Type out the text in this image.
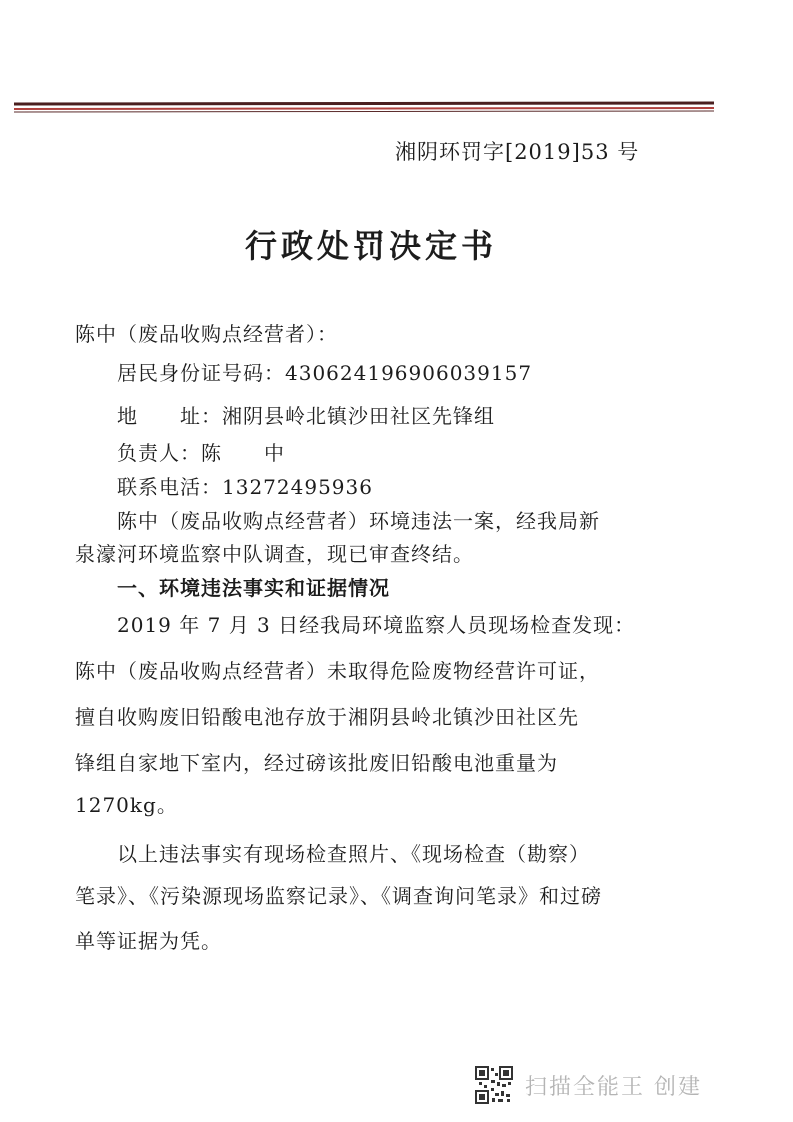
湘阴环罚字[2019]53 号
行政处罚决定书
陈中（废品收购点经营者）：
居民身份证号码：430624196906039157
地　　址：湘阴县岭北镇沙田社区先锋组
负责人：陈　　中
联系电活：13272495936
陈中（废品收购点经营者）环境违法一案，经我局新
泉濠河环境监察中队调查，现已审查终结。
一、环境违法事实和证据情况
2019 年 7 月 3 日经我局环境监察人员现场检查发现：
陈中（废品收购点经营者）未取得危险废物经营许可证，
擅自收购废旧铅酸电池存放于湘阴县岭北镇沙田社区先
锋组自家地下室内，经过磅该批废旧铅酸电池重量为
1270kg。
以上违法事实有现场检查照片、《现场检查（勘察）
笔录》、《污染源现场监察记录》、《调查询问笔录》和过磅
单等证据为凭。
扫描全能王 创建
